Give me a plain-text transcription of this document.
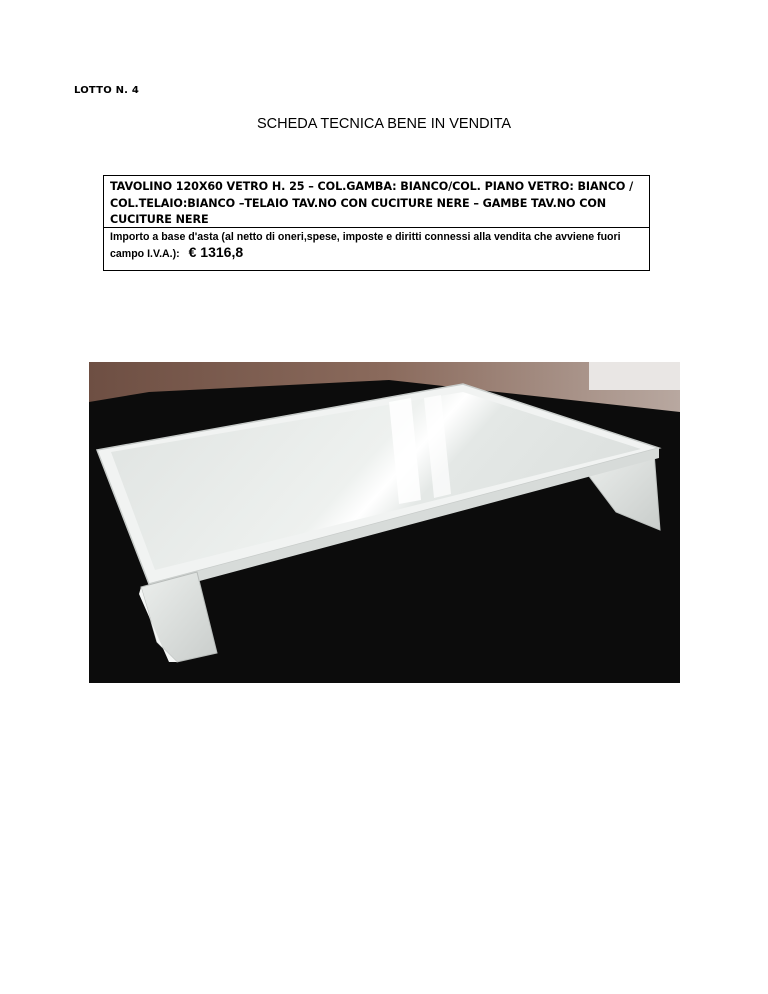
LOTTO N. 4
SCHEDA TECNICA BENE IN VENDITA
TAVOLINO 120X60 VETRO H. 25 – COL.GAMBA: BIANCO/COL. PIANO VETRO: BIANCO / COL.TELAIO:BIANCO –TELAIO TAV.NO CON CUCITURE NERE – GAMBE TAV.NO CON CUCITURE NERE
Importo a base d'asta (al netto di oneri,spese, imposte e diritti connessi alla vendita che avviene fuori campo I.V.A.): € 1316,8
